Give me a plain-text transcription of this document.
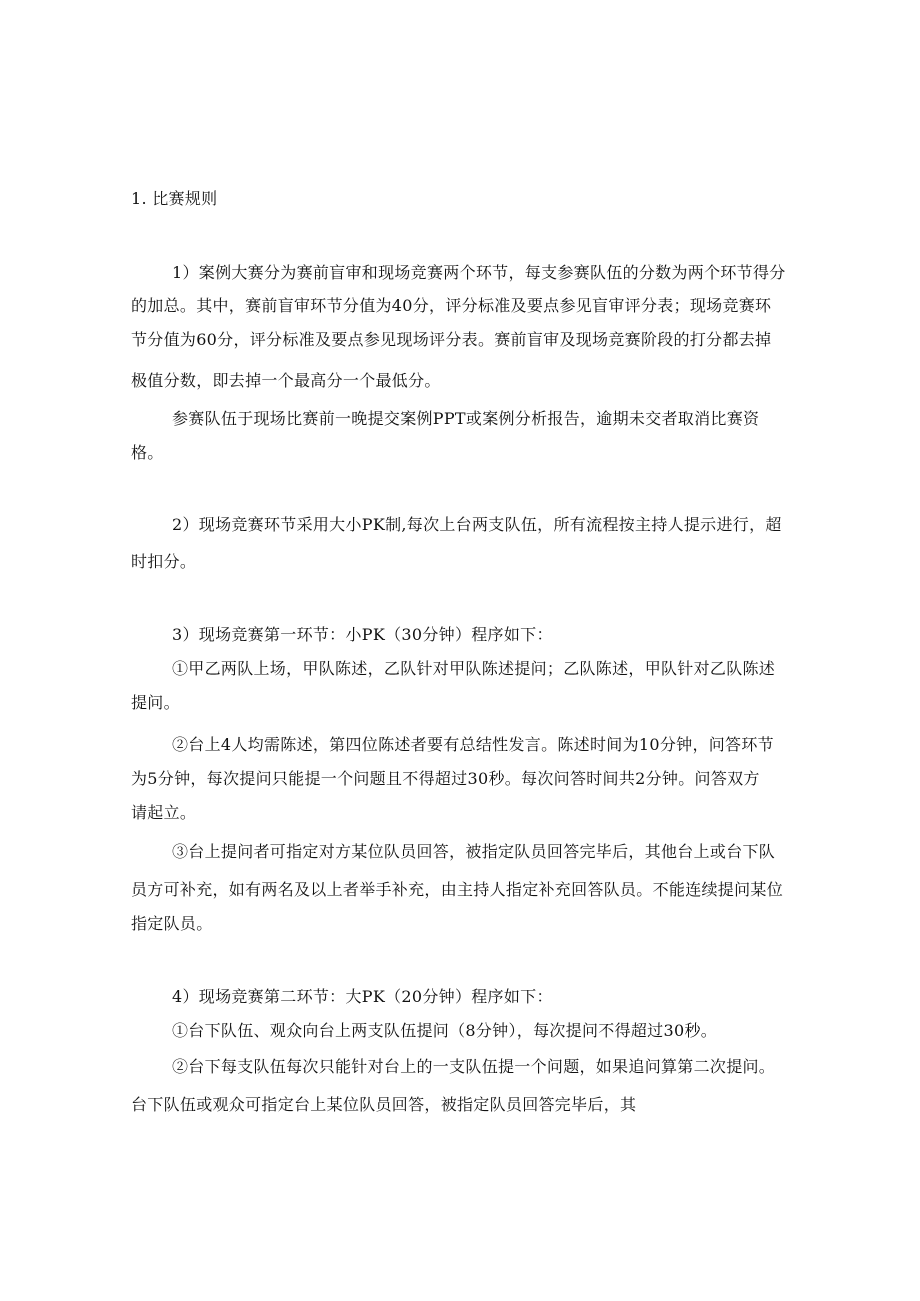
1. 比赛规则
1）案例大赛分为赛前盲审和现场竞赛两个环节，每支参赛队伍的分数为两个环节得分
的加总。其中，赛前盲审环节分值为40分，评分标准及要点参见盲审评分表；现场竞赛环
节分值为60分，评分标准及要点参见现场评分表。赛前盲审及现场竞赛阶段的打分都去掉
极值分数，即去掉一个最高分一个最低分。
参赛队伍于现场比赛前一晚提交案例PPT或案例分析报告，逾期未交者取消比赛资
格。
2）现场竞赛环节采用大小PK制,每次上台两支队伍，所有流程按主持人提示进行，超
时扣分。
3）现场竞赛第一环节：小PK（30分钟）程序如下：
①甲乙两队上场，甲队陈述，乙队针对甲队陈述提问；乙队陈述，甲队针对乙队陈述
提问。
②台上4人均需陈述，第四位陈述者要有总结性发言。陈述时间为10分钟，问答环节
为5分钟，每次提问只能提一个问题且不得超过30秒。每次问答时间共2分钟。问答双方
请起立。
③台上提问者可指定对方某位队员回答，被指定队员回答完毕后，其他台上或台下队
员方可补充，如有两名及以上者举手补充，由主持人指定补充回答队员。不能连续提问某位
指定队员。
4）现场竞赛第二环节：大PK（20分钟）程序如下：
①台下队伍、观众向台上两支队伍提问（8分钟），每次提问不得超过30秒。
②台下每支队伍每次只能针对台上的一支队伍提一个问题，如果追问算第二次提问。
台下队伍或观众可指定台上某位队员回答，被指定队员回答完毕后，其
